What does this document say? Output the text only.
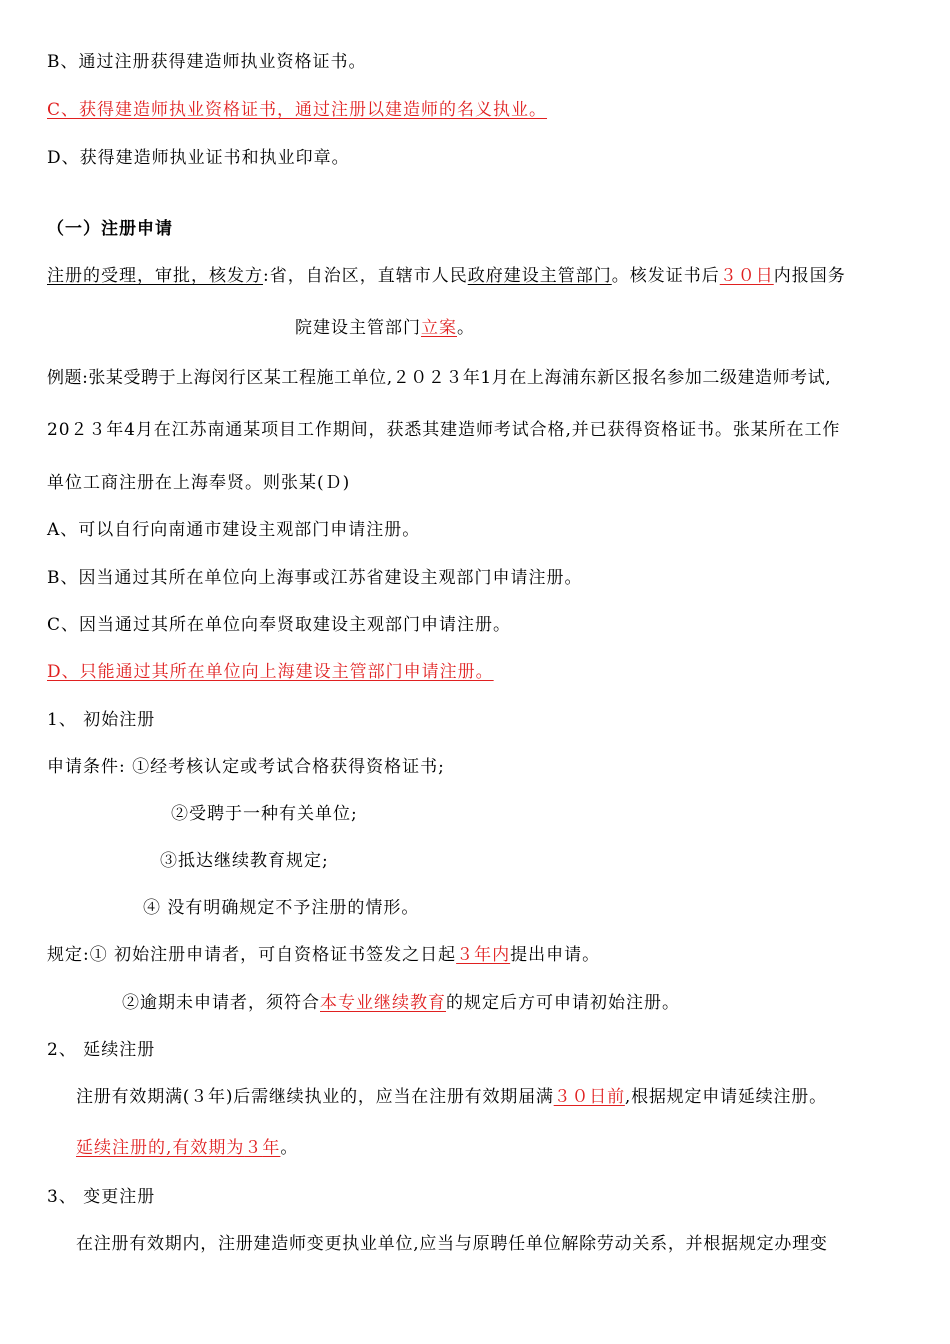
B、通过注册获得建造师执业资格证书。
C、获得建造师执业资格证书，通过注册以建造师的名义执业。
D、获得建造师执业证书和执业印章。
（一）注册申请
注册的受理，审批，核发方:省，自治区，直辖市人民政府建设主管部门。核发证书后３０日内报国务
院建设主管部门立案。
例题:张某受聘于上海闵行区某工程施工单位,２０２３年1月在上海浦东新区报名参加二级建造师考试,
20２３年4月在江苏南通某项目工作期间，获悉其建造师考试合格,并已获得资格证书。张某所在工作
单位工商注册在上海奉贤。则张某(Ｄ)
A、可以自行向南通市建设主观部门申请注册。
B、因当通过其所在单位向上海事或江苏省建设主观部门申请注册。
C、因当通过其所在单位向奉贤取建设主观部门申请注册。
D、只能通过其所在单位向上海建设主管部门申请注册。
1、 初始注册
申请条件: ①经考核认定或考试合格获得资格证书;
②受聘于一种有关单位;
③抵达继续教育规定;
④ 没有明确规定不予注册的情形。
规定:① 初始注册申请者，可自资格证书签发之日起３年内提出申请。
②逾期未申请者，须符合本专业继续教育的规定后方可申请初始注册。
2、 延续注册
注册有效期满(３年)后需继续执业的，应当在注册有效期届满３０日前,根据规定申请延续注册。
延续注册的,有效期为３年。
3、 变更注册
在注册有效期内，注册建造师变更执业单位,应当与原聘任单位解除劳动关系，并根据规定办理变
